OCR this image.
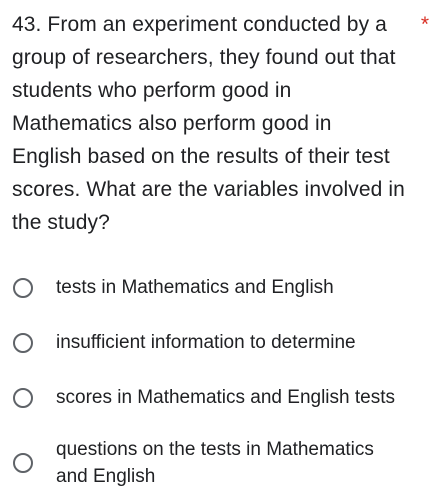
43. From an experiment conducted by a
group of researchers, they found out that
students who perform good in
Mathematics also perform good in
English based on the results of their test
scores. What are the variables involved in
the study?
*
tests in Mathematics and English
insufficient information to determine
scores in Mathematics and English tests
questions on the tests in Mathematics
and English
